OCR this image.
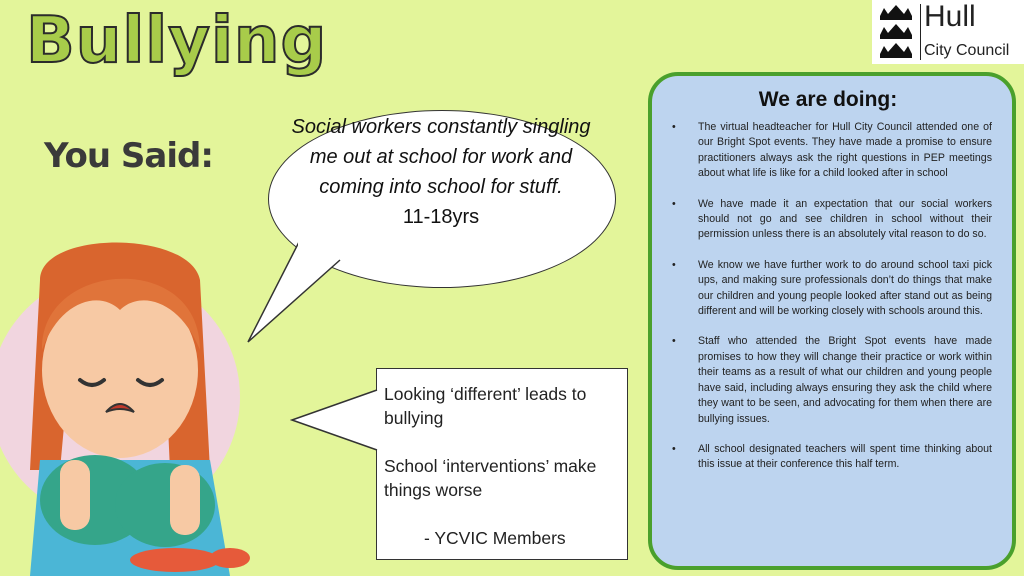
Bullying
You Said:
Hull
City Council
Social workers constantly singling me out at school for work and coming into school for stuff.
11-18yrs

Looking ‘different’ leads to bullying

School ‘interventions’ make things worse

- YCVIC Members

We are doing:
• The virtual headteacher for Hull City Council attended one of our Bright Spot events. They have made a promise to ensure practitioners always ask the right questions in PEP meetings about what life is like for a child looked after in school
• We have made it an expectation that our social workers should not go and see children in school without their permission unless there is an absolutely vital reason to do so.
• We know we have further work to do around school taxi pick ups, and making sure professionals don’t do things that make our children and young people looked after stand out as being different and will be working closely with schools around this.
• Staff who attended the Bright Spot events have made promises to how they will change their practice or work within their teams as a result of what our children and young people have said, including always ensuring they ask the child where they want to be seen, and advocating for them when there are bullying issues.
• All school designated teachers will spent time thinking about this issue at their conference this half term.
